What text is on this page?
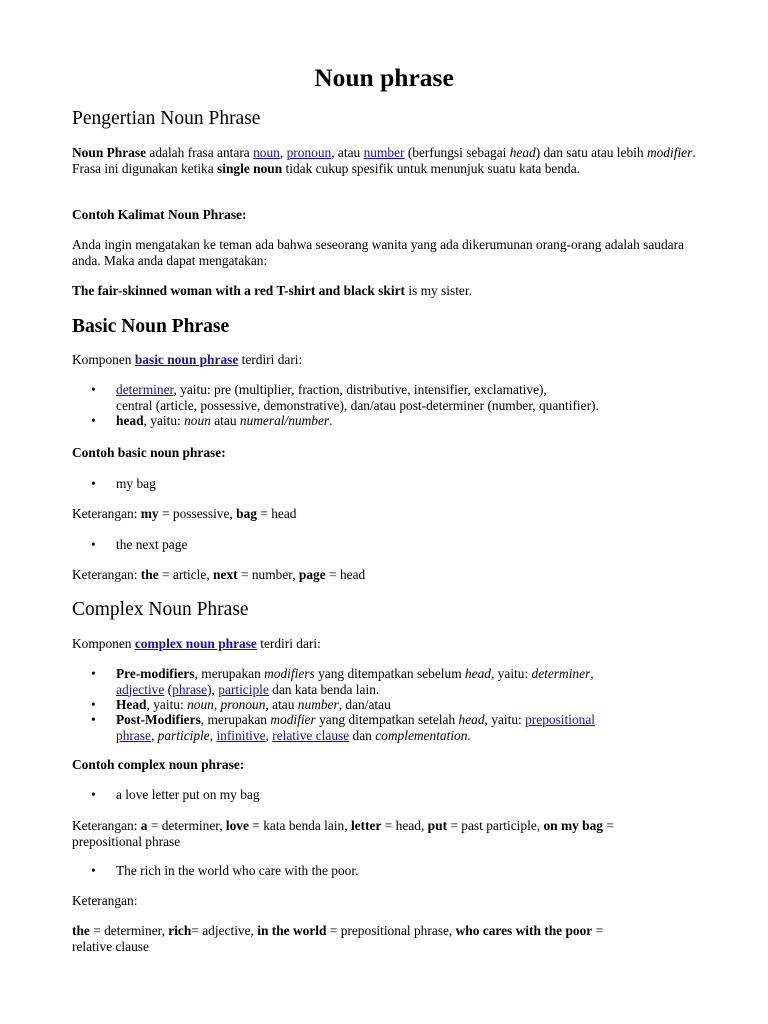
Noun phrase
Pengertian Noun Phrase

Noun Phrase adalah frasa antara noun, pronoun, atau number (berfungsi sebagai head) dan satu atau lebih modifier. Frasa ini digunakan ketika single noun tidak cukup spesifik untuk menunjuk suatu kata benda.

Contoh Kalimat Noun Phrase:

Anda ingin mengatakan ke teman ada bahwa seseorang wanita yang ada dikerumunan orang-orang adalah saudara anda. Maka anda dapat mengatakan:

The fair-skinned woman with a red T-shirt and black skirt is my sister.

Basic Noun Phrase

Komponen basic noun phrase terdiri dari:

•

determiner, yaitu: pre (multiplier, fraction, distributive, intensifier, exclamative),
central (article, possessive, demonstrative), dan/atau post-determiner (number, quantifier).

•

head, yaitu: noun atau numeral/number.

Contoh basic noun phrase:
•

my bag

Keterangan: my = possessive, bag = head

•

the next page

Keterangan: the = article, next = number, page = head

Complex Noun Phrase

Komponen complex noun phrase terdiri dari:

•

Pre-modifiers, merupakan modifiers yang ditempatkan sebelum head, yaitu: determiner,
adjective (phrase), participle dan kata benda lain.

•

Head, yaitu: noun, pronoun, atau number, dan/atau

•

Post-Modifiers, merupakan modifier yang ditempatkan setelah head, yaitu: prepositional
phrase, participle, infinitive, relative clause dan complementation.

Contoh complex noun phrase:
•

a love letter put on my bag

Keterangan: a = determiner, love = kata benda lain, letter = head, put = past participle, on my bag =
prepositional phrase

•

The rich in the world who care with the poor.

Keterangan:

the = determiner, rich= adjective, in the world = prepositional phrase, who cares with the poor =
relative clause
